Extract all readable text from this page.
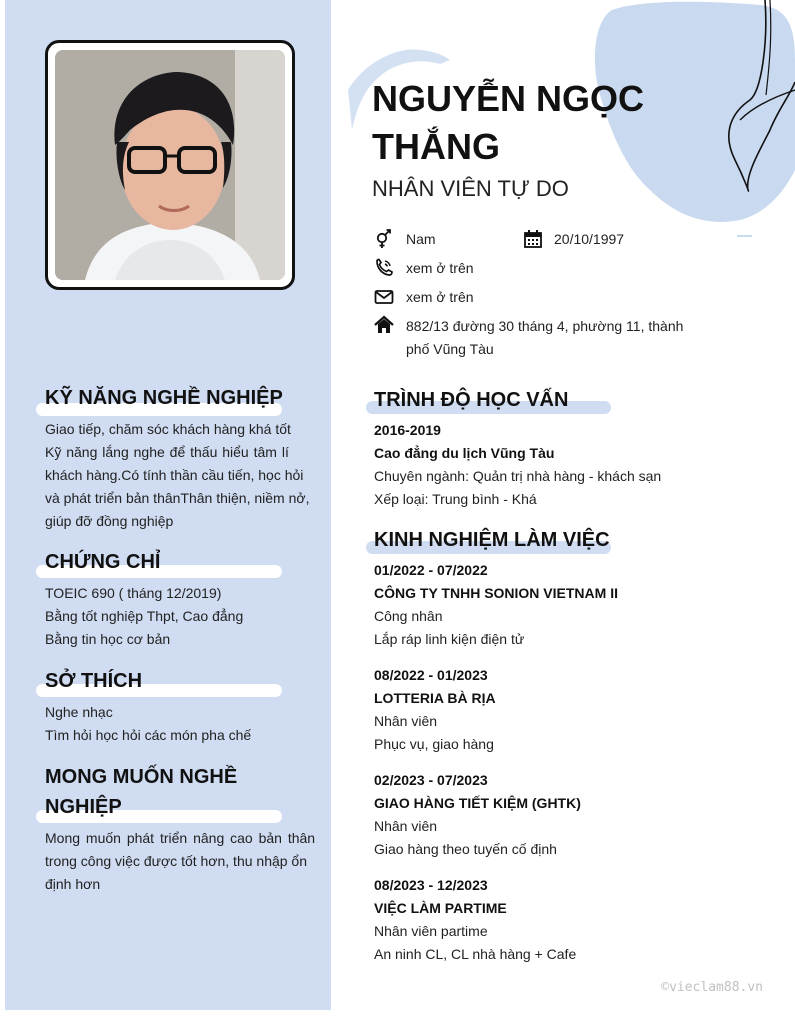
KỸ NĂNG NGHỀ NGHIỆP
Giao tiếp, chăm sóc khách hàng khá tốt
Kỹ năng lắng nghe để thấu hiểu tâm lí
khách hàng.Có tính thần cầu tiến, học hỏi
và phát triển bản thânThân thiện, niềm nở,
giúp đỡ đồng nghiệp
CHỨNG CHỈ
TOEIC 690 ( tháng 12/2019)
Bằng tốt nghiệp Thpt, Cao đẳng
Bằng tin học cơ bản
SỞ THÍCH
Nghe nhạc
Tìm hỏi học hỏi các món pha chế
MONG MUỐN NGHỀ
NGHIỆP
Mong muốn phát triển nâng cao bản thân
trong công việc được tốt hơn, thu nhập ổn
định hơn
NGUYỄN NGỌC
THẮNG
NHÂN VIÊN TỰ DO
Nam	20/10/1997
xem ở trên
xem ở trên
882/13 đường 30 tháng 4, phường 11, thành
phố Vũng Tàu
TRÌNH ĐỘ HỌC VẤN
2016-2019
Cao đẳng du lịch Vũng Tàu
Chuyên ngành: Quản trị nhà hàng - khách sạn
Xếp loại: Trung bình - Khá
KINH NGHIỆM LÀM VIỆC
01/2022 - 07/2022
CÔNG TY TNHH SONION VIETNAM II
Công nhân
Lắp ráp linh kiện điện tử
08/2022 - 01/2023
LOTTERIA BÀ RỊA
Nhân viên
Phục vụ, giao hàng
02/2023 - 07/2023
GIAO HÀNG TIẾT KIỆM (GHTK)
Nhân viên
Giao hàng theo tuyến cố định
08/2023 - 12/2023
VIỆC LÀM PARTIME
Nhân viên partime
An ninh CL, CL nhà hàng + Cafe
©vieclam88.vn
